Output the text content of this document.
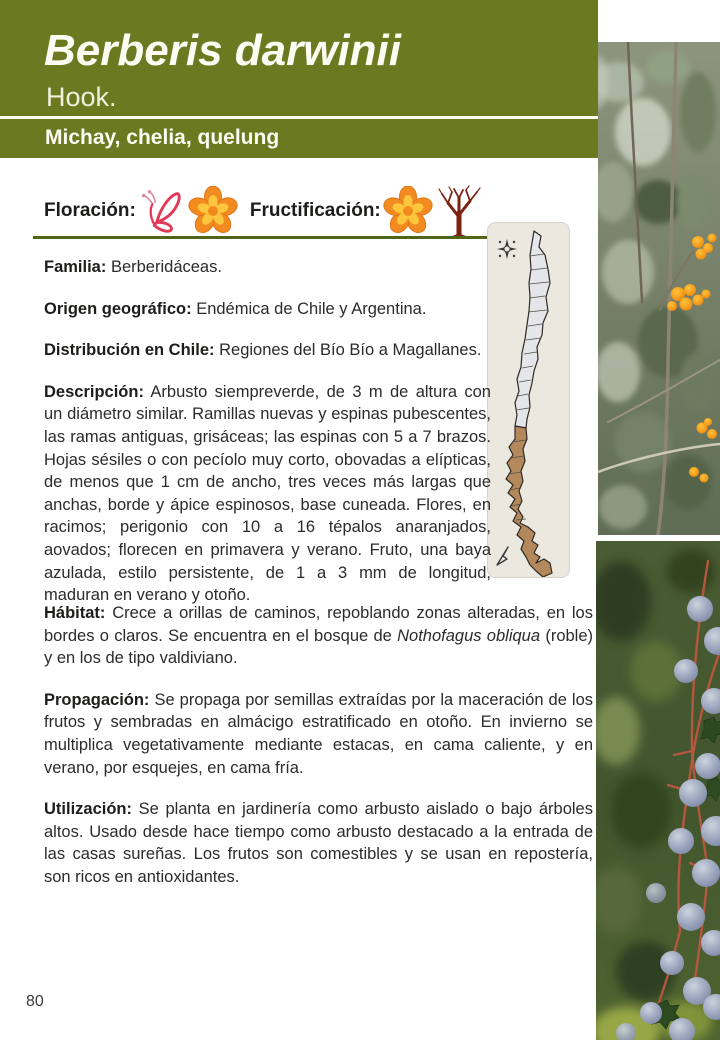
Berberis darwinii
Hook.
Michay, chelia, quelung
Floración:	Fructificación:

Familia: Berberidáceas.

Origen geográfico: Endémica de Chile y Argentina.

Distribución en Chile: Regiones del Bío Bío a Magallanes.

Descripción: Arbusto siempreverde, de 3 m de altura con un diámetro similar. Ramillas nuevas y espinas pubescentes, las ramas antiguas, grisáceas; las espinas con 5 a 7 brazos. Hojas sésiles o con pecíolo muy corto, obovadas a elípticas, de menos que 1 cm de ancho, tres veces más largas que anchas, borde y ápice espinosos, base cuneada. Flores, en racimos; perigonio con 10 a 16 tépalos anaranjados, aovados; florecen en primavera y verano. Fruto, una baya azulada, estilo persistente, de 1 a 3 mm de longitud, maduran en verano y otoño.

Hábitat: Crece a orillas de caminos, repoblando zonas alteradas, en los bordes o claros. Se encuentra en el bosque de Nothofagus obliqua (roble) y en los de tipo valdiviano.

Propagación: Se propaga por semillas extraídas por la maceración de los frutos y sembradas en almácigo estratificado en otoño. En invierno se multiplica vegetativamente mediante estacas, en cama caliente, y en verano, por esquejes, en cama fría.

Utilización: Se planta en jardinería como arbusto aislado o bajo árboles altos. Usado desde hace tiempo como arbusto destacado a la entrada de las casas sureñas. Los frutos son comestibles y se usan en repostería, son ricos en antioxidantes.

80
